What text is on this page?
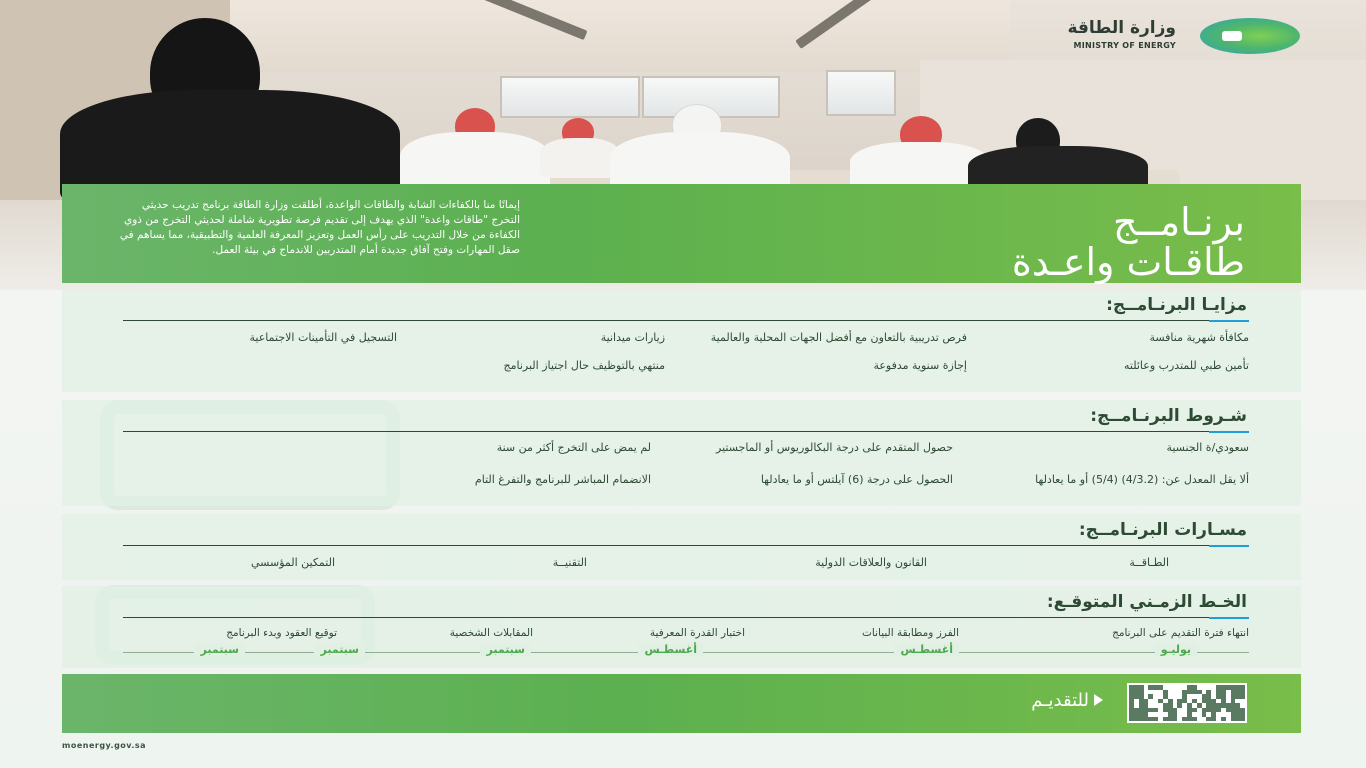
وزارة الطاقة
MINISTRY OF ENERGY
برنـامــج
طاقـات واعـدة
إيمانًا منا بالكفاءات الشابة والطاقات الواعدة، أطلقت وزارة الطاقة برنامج تدريب حديثي التخرج "طاقات واعدة" الذي يهدف إلى تقديم فرصة تطويرية شاملة لحديثي التخرج من ذوي الكفاءة من خلال التدريب على رأس العمل وتعزيز المعرفة العلمية والتطبيقية، مما يساهم في صقل المهارات وفتح آفاق جديدة أمام المتدربين للاندماج في بيئة العمل.
مزايـا البرنـامــج:
مكافأة شهرية منافسة
فرص تدريبية بالتعاون مع أفضل الجهات المحلية والعالمية
زيارات ميدانية
التسجيل في التأمينات الاجتماعية
تأمين طبي للمتدرب وعائلته
إجازة سنوية مدفوعة
منتهي بالتوظيف حال اجتياز البرنامج
شـروط البرنـامــج:
سعودي/ة الجنسية
حصول المتقدم على درجة البكالوريوس أو الماجستير
لم يمض على التخرج أكثر من سنة
ألا يقل المعدل عن: (4/3.2) (5/4) أو ما يعادلها
الحصول على درجة (6) آيلتس أو ما يعادلها
الانضمام المباشر للبرنامج والتفرغ التام
مسـارات البرنـامــج:
الطـاقــة
القانون والعلاقات الدولية
التقنيــة
التمكين المؤسسي
الخـط الزمـني المتوقـع:
انتهاء فترة التقديم على البرنامج
الفرز ومطابقة البيانات
اختبار القدرة المعرفية
المقابلات الشخصية
توقيع العقود وبدء البرنامج
يوليـو
أغسطـس
أغسطـس
سبتمبر
سبتمبر
سبتمبر
للتقديـم
moenergy.gov.sa
